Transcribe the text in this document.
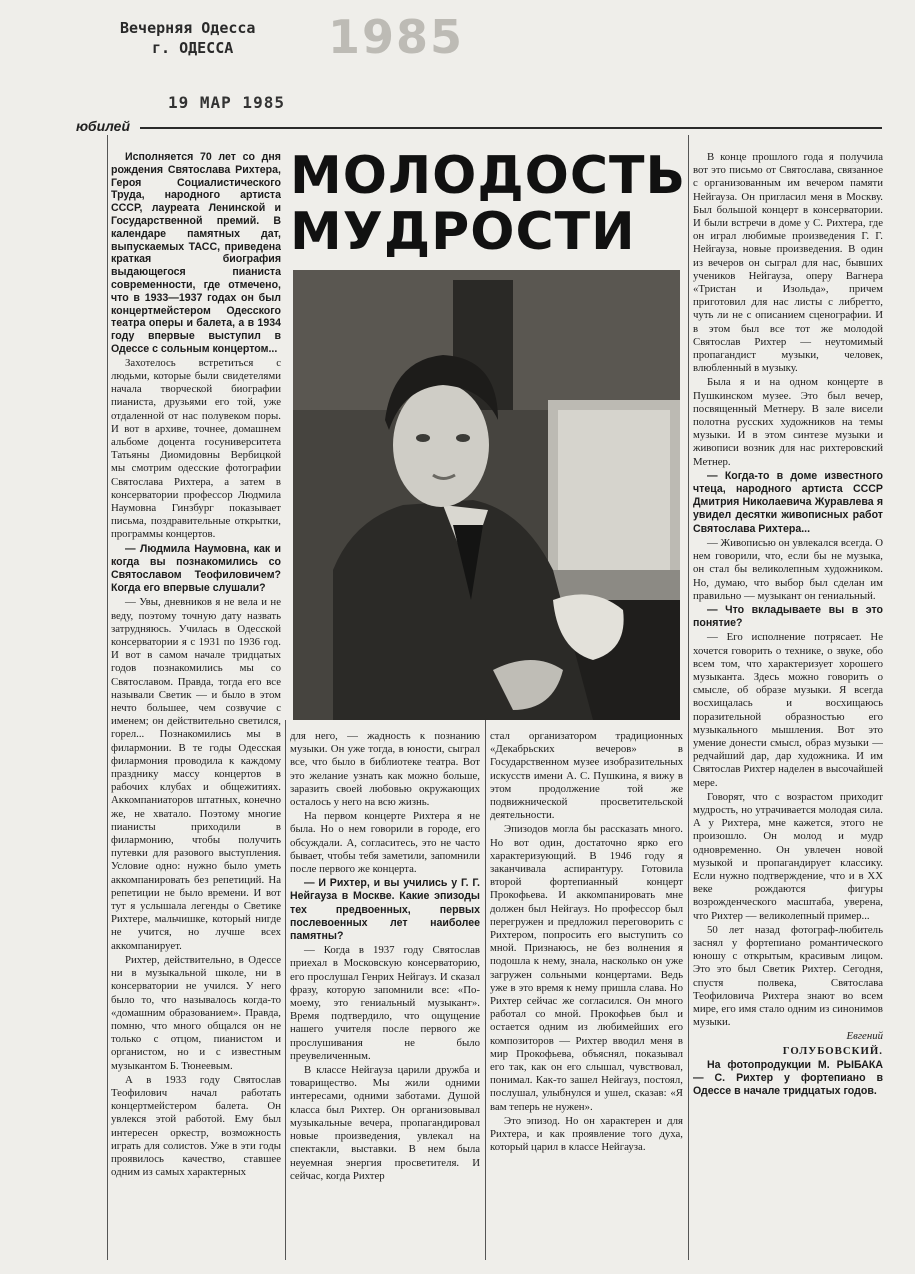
Вечерняя Одесса
г. ОДЕССА
19 МАР 1985
1985
юбилей
МОЛОДОСТЬ
МУДРОСТИ

Исполняется 70 лет со дня рождения Святослава Рихтера, Героя Социалистического Труда, народного артиста СССР, лауреата Ленинской и Государственной премий. В календаре памятных дат, выпускаемых ТАСС, приведена краткая биография выдающегося пианиста современности, где отмечено, что в 1933—1937 годах он был концертмейстером Одесского театра оперы и балета, а в 1934 году впервые выступил в Одессе с сольным концертом...

Захотелось встретиться с людьми, которые были свидетелями начала творческой биографии пианиста, друзьями его той, уже отдаленной от нас полувеком поры. И вот в архиве, точнее, домашнем альбоме доцента госуниверситета Татьяны Диомидовны Вербицкой мы смотрим одесские фотографии Святослава Рихтера, а затем в консерватории профессор Людмила Наумовна Гинзбург показывает письма, поздравительные открытки, программы концертов.

— Людмила Наумовна, как и когда вы познакомились со Святославом Теофиловичем? Когда его впервые слушали?

— Увы, дневников я не вела и не веду, поэтому точную дату назвать затрудняюсь. Училась в Одесской консерватории я с 1931 по 1936 год. И вот в самом начале тридцатых годов познакомились мы со Святославом. Правда, тогда его все называли Светик — и было в этом нечто большее, чем созвучие с именем; он действительно светился, горел... Познакомились мы в филармонии. В те годы Одесская филармония проводила к каждому празднику массу концертов в рабочих клубах и общежитиях. Аккомпаниаторов штатных, конечно же, не хватало. Поэтому многие пианисты приходили в филармонию, чтобы получить путевки для разового выступления. Условие одно: нужно было уметь аккомпанировать без репетиций. На репетиции не было времени. И вот тут я услышала легенды о Светике Рихтере, мальчишке, который нигде не учится, но лучше всех аккомпанирует.

Рихтер, действительно, в Одессе ни в музыкальной школе, ни в консерватории не учился. У него было то, что называлось когда-то «домашним образованием». Правда, помню, что много общался он не только с отцом, пианистом и органистом, но и с известным музыкантом Б. Тюнеевым.

А в 1933 году Святослав Теофилович начал работать концертмейстером балета. Он увлекся этой работой. Ему был интересен оркестр, возможность играть для солистов. Уже в эти годы проявилось качество, ставшее одним из самых характерных

для него, — жадность к познанию музыки. Он уже тогда, в юности, сыграл все, что было в библиотеке театра. Вот это желание узнать как можно больше, заразить своей любовью окружающих осталось у него на всю жизнь.

На первом концерте Рихтера я не была. Но о нем говорили в городе, его обсуждали. А, согласитесь, это не часто бывает, чтобы тебя заметили, запомнили после первого же концерта.

— И Рихтер, и вы учились у Г. Г. Нейгауза в Москве. Какие эпизоды тех предвоенных, первых послевоенных лет наиболее памятны?

— Когда в 1937 году Святослав приехал в Московскую консерваторию, его прослушал Генрих Нейгауз. И сказал фразу, которую запомнили все: «По-моему, это гениальный музыкант». Время подтвердило, что ощущение нашего учителя после первого же прослушивания не было преувеличенным.

В классе Нейгауза царили дружба и товарищество. Мы жили одними интересами, одними заботами. Душой класса был Рихтер. Он организовывал музыкальные вечера, пропагандировал новые произведения, увлекал на спектакли, выставки. В нем была неуемная энергия просветителя. И сейчас, когда Рихтер

стал организатором традиционных «Декабрьских вечеров» в Государственном музее изобразительных искусств имени А. С. Пушкина, я вижу в этом продолжение той же подвижнической просветительской деятельности.

Эпизодов могла бы рассказать много. Но вот один, достаточно ярко его характеризующий. В 1946 году я заканчивала аспирантуру. Готовила второй фортепианный концерт Прокофьева. И аккомпанировать мне должен был Нейгауз. Но профессор был перегружен и предложил переговорить с Рихтером, попросить его выступить со мной. Признаюсь, не без волнения я подошла к нему, знала, насколько он уже загружен сольными концертами. Ведь уже в это время к нему пришла слава. Но Рихтер сейчас же согласился. Он много работал со мной. Прокофьев был и остается одним из любимейших его композиторов — Рихтер вводил меня в мир Прокофьева, объяснял, показывал его так, как он его слышал, чувствовал, понимал. Как-то зашел Нейгауз, постоял, послушал, улыбнулся и ушел, сказав: «Я вам теперь не нужен».

Это эпизод. Но он характерен и для Рихтера, и как проявление того духа, который царил в классе Нейгауза.

В конце прошлого года я получила вот это письмо от Святослава, связанное с организованным им вечером памяти Нейгауза. Он пригласил меня в Москву. Был большой концерт в консерватории. И были встречи в доме у С. Рихтера, где он играл любимые произведения Г. Г. Нейгауза, новые произведения. В один из вечеров он сыграл для нас, бывших учеников Нейгауза, оперу Вагнера «Тристан и Изольда», причем приготовил для нас листы с либретто, чуть ли не с описанием сценографии. И в этом был все тот же молодой Святослав Рихтер — неутомимый пропагандист музыки, человек, влюбленный в музыку.

Была я и на одном концерте в Пушкинском музее. Это был вечер, посвященный Метнеру. В зале висели полотна русских художников на темы музыки. И в этом синтезе музыки и живописи возник для нас рихтеровский Метнер.

— Когда-то в доме известного чтеца, народного артиста СССР Дмитрия Николаевича Журавлева я увидел десятки живописных работ Святослава Рихтера...

— Живописью он увлекался всегда. О нем говорили, что, если бы не музыка, он стал бы великолепным художником. Но, думаю, что выбор был сделан им правильно — музыкант он гениальный.

— Что вкладываете вы в это понятие?

— Его исполнение потрясает. Не хочется говорить о технике, о звуке, обо всем том, что характеризует хорошего музыканта. Здесь можно говорить о смысле, об образе музыки. Я всегда восхищалась и восхищаюсь поразительной образностью его музыкального мышления. Вот это умение донести смысл, образ музыки — редчайший дар, дар художника. И им Святослав Рихтер наделен в высочайшей мере.

Говорят, что с возрастом приходит мудрость, но утрачивается молодая сила. А у Рихтера, мне кажется, этого не произошло. Он молод и мудр одновременно. Он увлечен новой музыкой и пропагандирует классику. Если нужно подтверждение, что и в XX веке рождаются фигуры возрожденческого масштаба, уверена, что Рихтер — великолепный пример...

50 лет назад фотограф-любитель заснял у фортепиано романтического юношу с открытым, красивым лицом. Это это был Светик Рихтер. Сегодня, спустя полвека, Святослава Теофиловича Рихтера знают во всем мире, его имя стало одним из синонимов музыки.

Евгений

ГОЛУБОВСКИЙ.

На фотопродукции М. РЫБАКА — С. Рихтер у фортепиано в Одессе в начале тридцатых годов.
